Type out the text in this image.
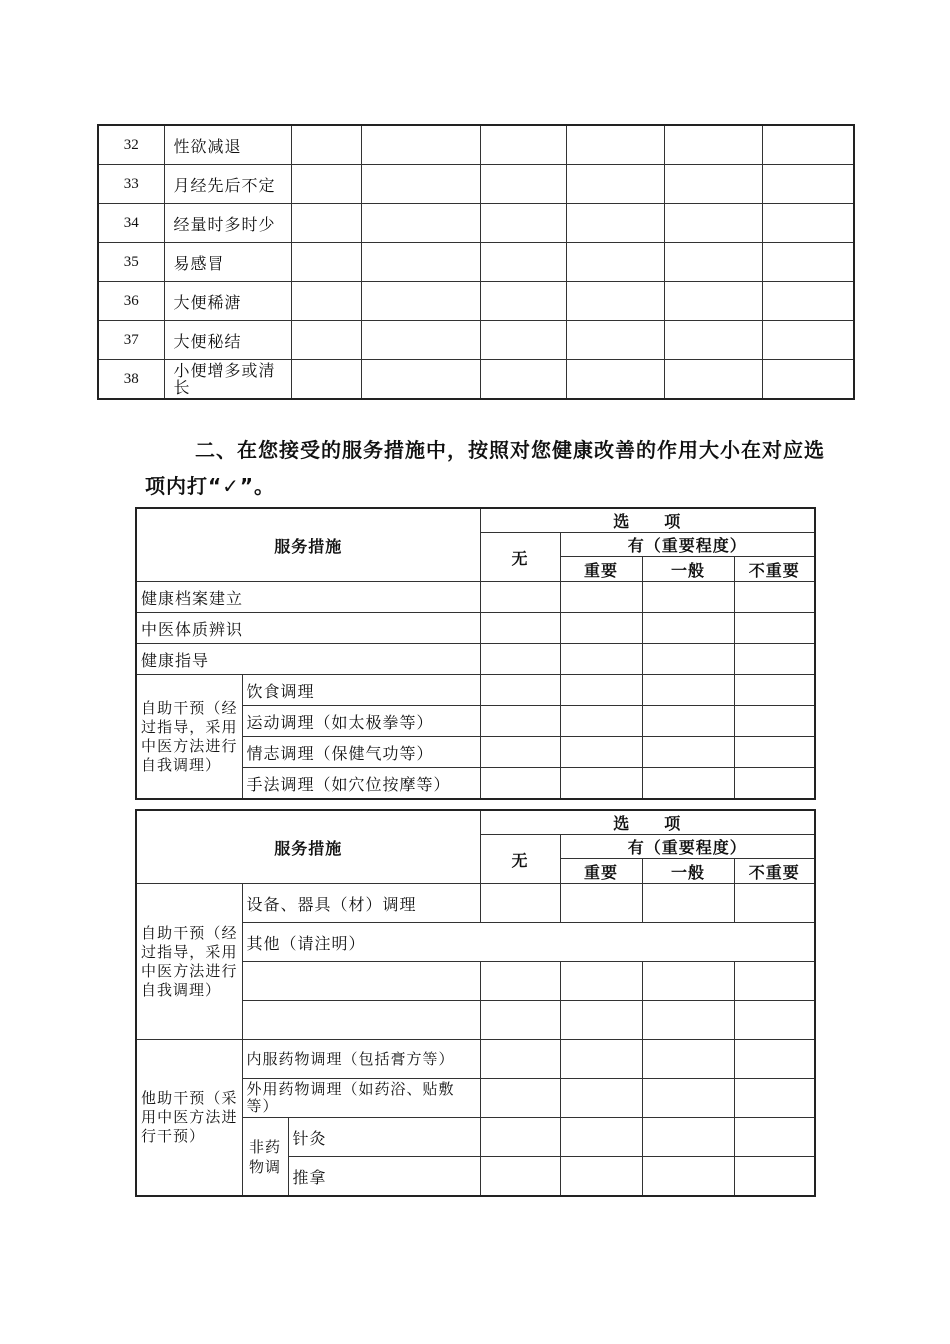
32	性欲减退						
33	月经先后不定						
34	经量时多时少						
35	易感冒						
36	大便稀溏						
37	大便秘结						
38	小便增多或清长						

二、在您接受的服务措施中，按照对您健康改善的作用大小在对应选项内打“✓”。

服务措施		选　　项			
		无	有（重要程度）		
			重要	一般	不重要
健康档案建立					
中医体质辨识					
健康指导					
自助干预（经过指导，采用中医方法进行自我调理）	饮食调理				
	运动调理（如太极拳等）				
	情志调理（保健气功等）				
	手法调理（如穴位按摩等）				
服务措施			选　　项			
			无	有（重要程度）		
				重要	一般	不重要
自助干预（经过指导，采用中医方法进行自我调理）	设备、器具（材）调理					
	其他（请注明）					

他助干预（采用中医方法进行干预）	内服药物调理（包括膏方等）					
	外用药物调理（如药浴、贴敷等）					
	非药物调	针灸				
		推拿				
